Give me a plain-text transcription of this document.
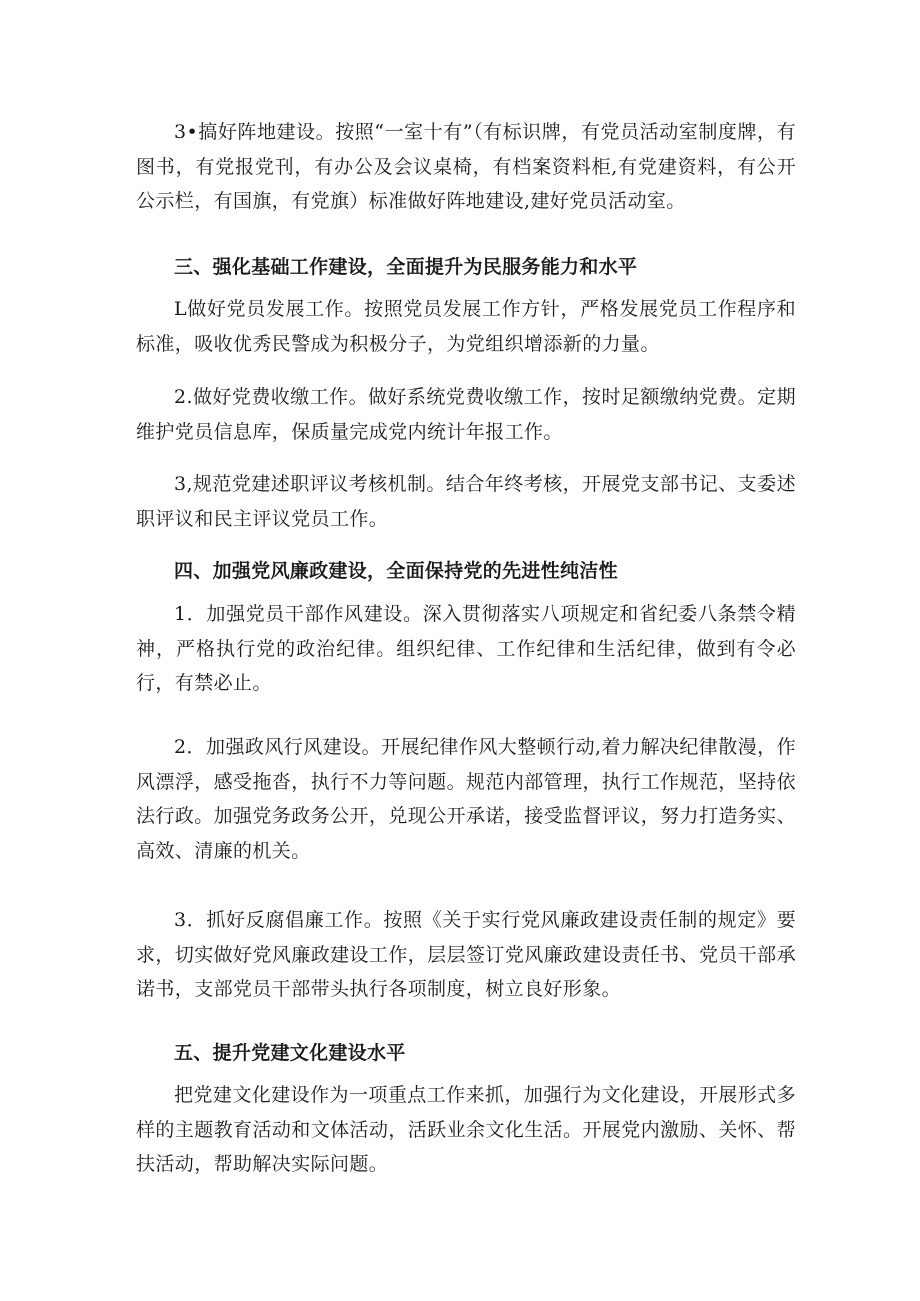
3•搞好阵地建设。按照“一室十有”（有标识牌，有党员活动室制度牌，有图书，有党报党刊，有办公及会议桌椅，有档案资料柜,有党建资料，有公开公示栏，有国旗，有党旗）标准做好阵地建设,建好党员活动室。

三、强化基础工作建设，全面提升为民服务能力和水平

L做好党员发展工作。按照党员发展工作方针，严格发展党员工作程序和标准，吸收优秀民警成为积极分子，为党组织增添新的力量。

2.做好党费收缴工作。做好系统党费收缴工作，按时足额缴纳党费。定期维护党员信息库，保质量完成党内统计年报工作。

3,规范党建述职评议考核机制。结合年终考核，开展党支部书记、支委述职评议和民主评议党员工作。

四、加强党风廉政建设，全面保持党的先进性纯洁性

1．加强党员干部作风建设。深入贯彻落实八项规定和省纪委八条禁令精神，严格执行党的政治纪律。组织纪律、工作纪律和生活纪律，做到有令必行，有禁必止。

2．加强政风行风建设。开展纪律作风大整顿行动,着力解决纪律散漫，作风漂浮，感受拖沓，执行不力等问题。规范内部管理，执行工作规范，坚持依法行政。加强党务政务公开，兑现公开承诺，接受监督评议，努力打造务实、高效、清廉的机关。

3．抓好反腐倡廉工作。按照《关于实行党风廉政建设责任制的规定》要求，切实做好党风廉政建设工作，层层签订党风廉政建设责任书、党员干部承诺书，支部党员干部带头执行各项制度，树立良好形象。

五、提升党建文化建设水平

把党建文化建设作为一项重点工作来抓，加强行为文化建设，开展形式多样的主题教育活动和文体活动，活跃业余文化生活。开展党内激励、关怀、帮扶活动，帮助解决实际问题。
